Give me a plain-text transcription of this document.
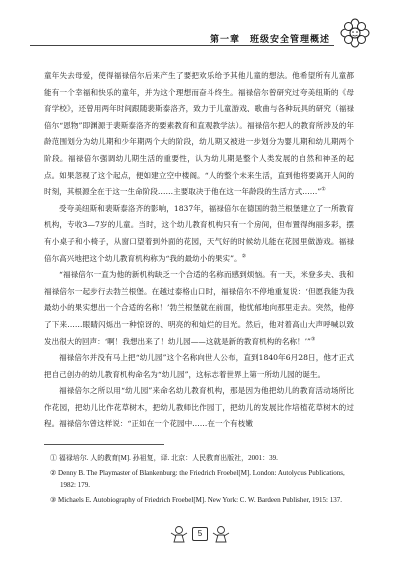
第一章　班级安全管理概述

童年失去母爱，使得福禄倍尔后来产生了要把欢乐给予其他儿童的想法。他希望所有儿童都能有一个幸福和快乐的童年，并为这个理想而奋斗终生。福禄倍尔曾研究过夸美纽斯的《母育学校》，还曾用两年时间跟随裴斯泰洛齐，致力于儿童游戏、歌曲与各种玩具的研究（福禄倍尔“恩物”即渊源于裴斯泰洛齐的要素教育和直观教学法）。福禄倍尔把人的教育所涉及的年龄范围划分为幼儿期和少年期两个大的阶段，幼儿期又被进一步划分为婴儿期和幼儿期两个阶段。福禄倍尔强调幼儿期生活的重要性，认为幼儿期是整个人类发展的自然和神圣的起点。如果忽视了这个起点，便如建立空中楼阁。“人的整个未来生活，直到他将要离开人间的时刻，其根源全在于这一生命阶段……主要取决于他在这一年龄段的生活方式……”①

受夸美纽斯和裴斯泰洛齐的影响，1837年，福禄倍尔在德国的勃兰根堡建立了一所教育机构，专收3—7岁的儿童。当时，这个幼儿教育机构只有一个房间，但布置得绚丽多彩，摆有小桌子和小椅子，从窗口望着到外面的花园，天气好的时候幼儿能在花园里做游戏。福禄倍尔高兴地把这个幼儿教育机构称为“我的最幼小的果实”。②

“福禄倍尔一直为他的新机构缺乏一个合适的名称而感到烦恼。有一天，米登多夫、我和福禄倍尔一起步行去勃兰根堡。在越过泰格山口时，福禄倍尔不停地重复说：‘但愿我能为我最幼小的果实想出一个合适的名称！’勃兰根堡就在前面，他忧郁地向那里走去。突然，他停了下来……眼睛闪烁出一种惊讶的、明亮的和灿烂的目光。然后，他对着高山大声呼喊以致发出很大的回声：‘啊！我想出来了！幼儿园——这就是新的教育机构的名称！’”③

福禄倍尔并没有马上把“幼儿园”这个名称向世人公布，直到1840年6月28日，他才正式把自己创办的幼儿教育机构命名为“幼儿园”，这标志着世界上第一所幼儿园的诞生。

福禄倍尔之所以用“幼儿园”来命名幼儿教育机构，那是因为他把幼儿的教育活动场所比作花园，把幼儿比作花草树木，把幼儿教师比作园丁，把幼儿的发展比作培植花草树木的过程。福禄倍尔曾这样说：“正如在一个花园中……在一个有枝嫩

① 福禄培尔. 人的教育[M]. 孙祖复，译. 北京：人民教育出版社，2001：39.

② Denny B. The Playmaster of Blankenburg: the Friedrich Froebel[M]. London: Autolycus Publications, 1982: 179.

③ Michaels E. Autobiography of Friedrich Froebel[M]. New York: C. W. Bardeen Publisher, 1915: 137.

5
